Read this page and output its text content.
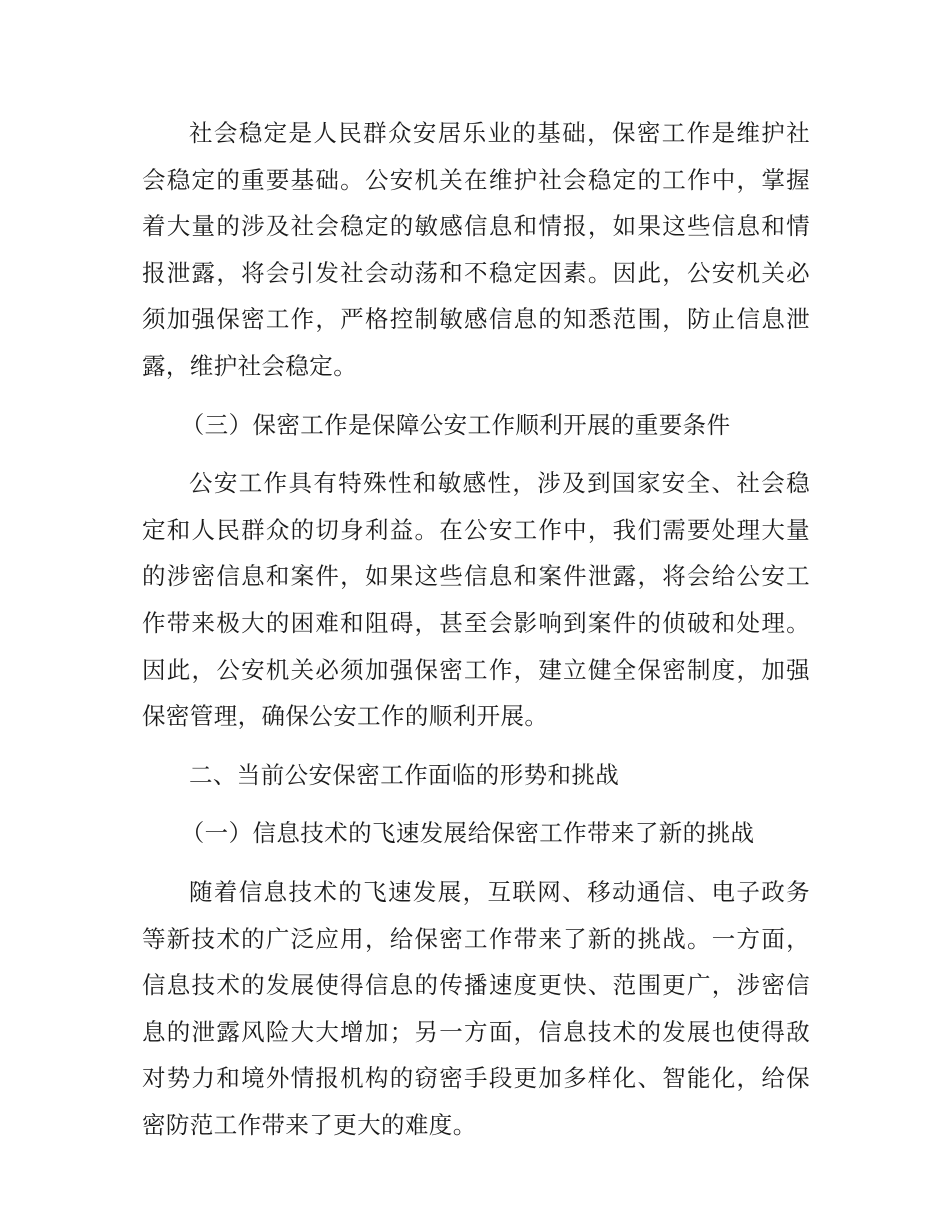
社会稳定是人民群众安居乐业的基础，保密工作是维护社会稳定的重要基础。公安机关在维护社会稳定的工作中，掌握着大量的涉及社会稳定的敏感信息和情报，如果这些信息和情报泄露，将会引发社会动荡和不稳定因素。因此，公安机关必须加强保密工作，严格控制敏感信息的知悉范围，防止信息泄露，维护社会稳定。

（三）保密工作是保障公安工作顺利开展的重要条件

公安工作具有特殊性和敏感性，涉及到国家安全、社会稳定和人民群众的切身利益。在公安工作中，我们需要处理大量的涉密信息和案件，如果这些信息和案件泄露，将会给公安工作带来极大的困难和阻碍，甚至会影响到案件的侦破和处理。因此，公安机关必须加强保密工作，建立健全保密制度，加强保密管理，确保公安工作的顺利开展。

二、当前公安保密工作面临的形势和挑战

（一）信息技术的飞速发展给保密工作带来了新的挑战

随着信息技术的飞速发展，互联网、移动通信、电子政务等新技术的广泛应用，给保密工作带来了新的挑战。一方面，信息技术的发展使得信息的传播速度更快、范围更广，涉密信息的泄露风险大大增加；另一方面，信息技术的发展也使得敌对势力和境外情报机构的窃密手段更加多样化、智能化，给保密防范工作带来了更大的难度。
